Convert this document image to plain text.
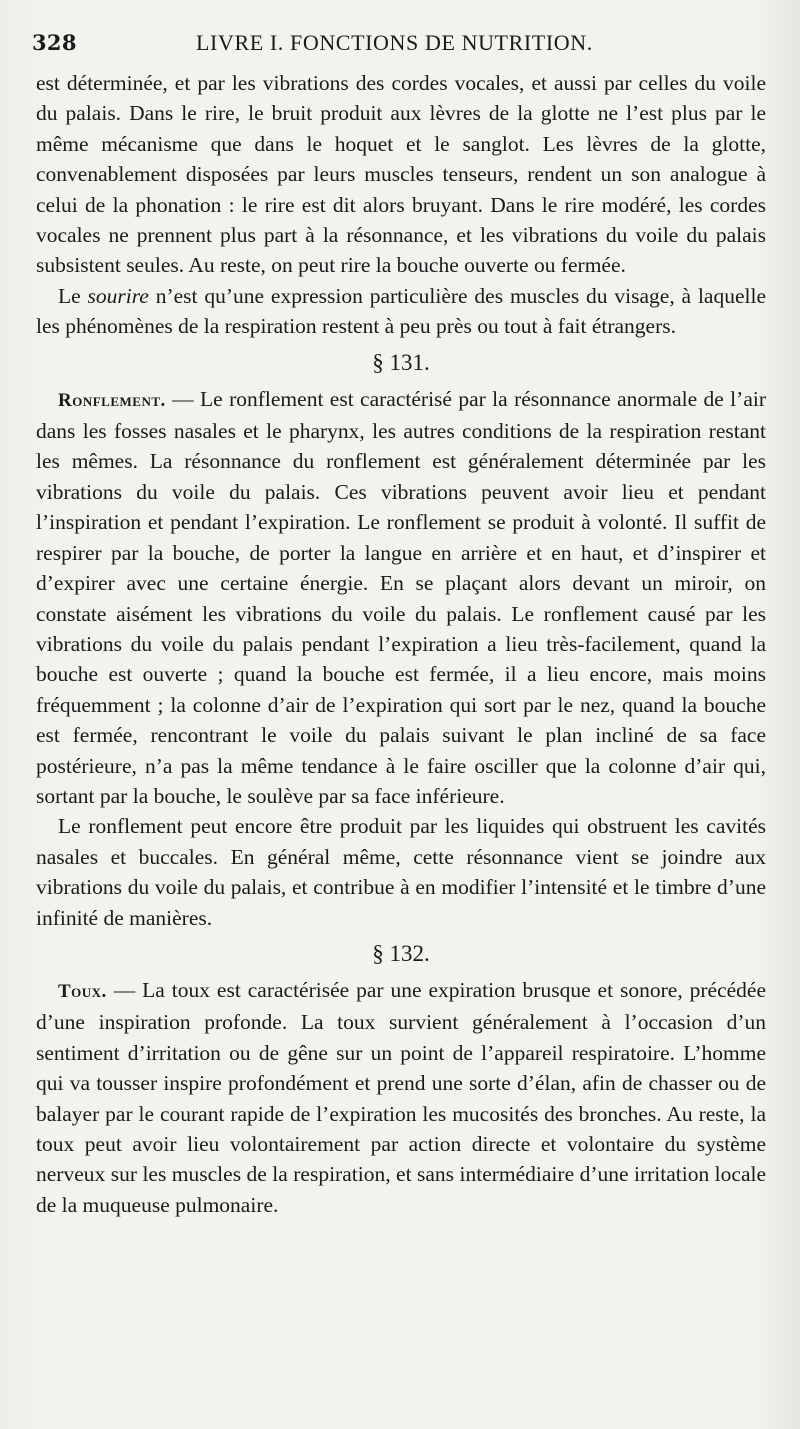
328	LIVRE I. FONCTIONS DE NUTRITION.

est déterminée, et par les vibrations des cordes vocales, et aussi par celles du voile du palais. Dans le rire, le bruit produit aux lèvres de la glotte ne l’est plus par le même mécanisme que dans le hoquet et le sanglot. Les lèvres de la glotte, convenablement disposées par leurs muscles tenseurs, rendent un son analogue à celui de la phonation : le rire est dit alors bruyant. Dans le rire modéré, les cordes vocales ne prennent plus part à la résonnance, et les vibrations du voile du palais subsistent seules. Au reste, on peut rire la bouche ouverte ou fermée.

Le sourire n’est qu’une expression particulière des muscles du visage, à laquelle les phénomènes de la respiration restent à peu près ou tout à fait étrangers.

§ 131.

Ronflement. — Le ronflement est caractérisé par la résonnance anormale de l’air dans les fosses nasales et le pharynx, les autres conditions de la respiration restant les mêmes. La résonnance du ronflement est généralement déterminée par les vibrations du voile du palais. Ces vibrations peuvent avoir lieu et pendant l’inspiration et pendant l’expiration. Le ronflement se produit à volonté. Il suffit de respirer par la bouche, de porter la langue en arrière et en haut, et d’inspirer et d’expirer avec une certaine énergie. En se plaçant alors devant un miroir, on constate aisément les vibrations du voile du palais. Le ronflement causé par les vibrations du voile du palais pendant l’expiration a lieu très-facilement, quand la bouche est ouverte ; quand la bouche est fermée, il a lieu encore, mais moins fréquemment ; la colonne d’air de l’expiration qui sort par le nez, quand la bouche est fermée, rencontrant le voile du palais suivant le plan incliné de sa face postérieure, n’a pas la même tendance à le faire osciller que la colonne d’air qui, sortant par la bouche, le soulève par sa face inférieure.

Le ronflement peut encore être produit par les liquides qui obstruent les cavités nasales et buccales. En général même, cette résonnance vient se joindre aux vibrations du voile du palais, et contribue à en modifier l’intensité et le timbre d’une infinité de manières.

§ 132.

Toux. — La toux est caractérisée par une expiration brusque et sonore, précédée d’une inspiration profonde. La toux survient généralement à l’occasion d’un sentiment d’irritation ou de gêne sur un point de l’appareil respiratoire. L’homme qui va tousser inspire profondément et prend une sorte d’élan, afin de chasser ou de balayer par le courant rapide de l’expiration les mucosités des bronches. Au reste, la toux peut avoir lieu volontairement par action directe et volontaire du système nerveux sur les muscles de la respiration, et sans intermédiaire d’une irritation locale de la muqueuse pulmonaire.
